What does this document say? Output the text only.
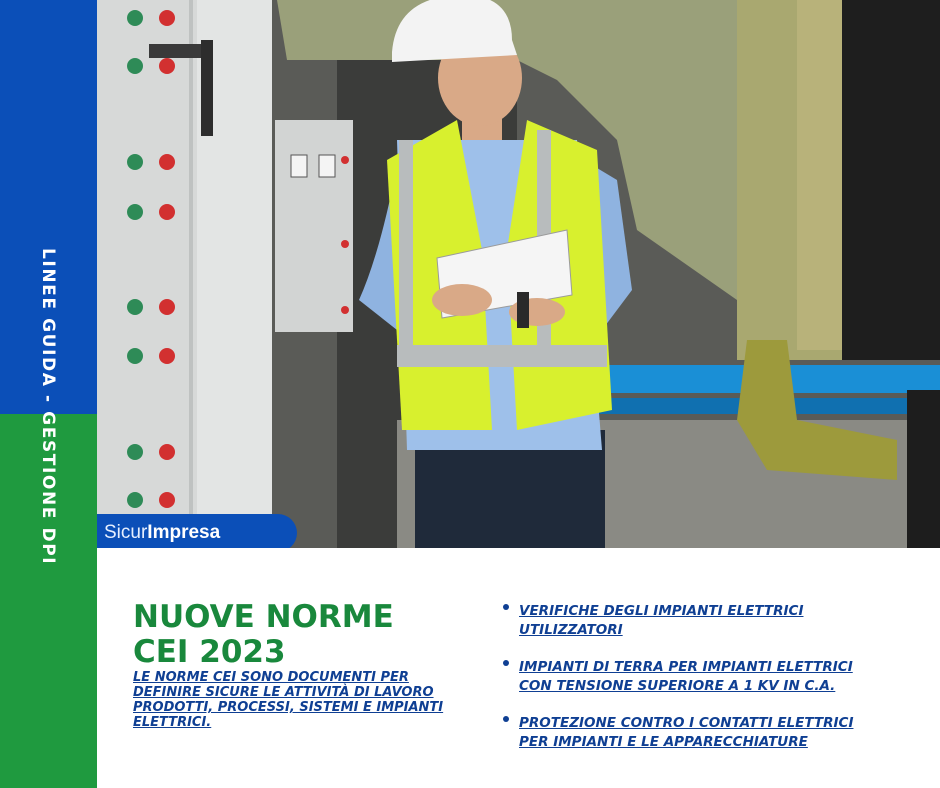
LINEE GUIDA - GESTIONE DPI Sicur Impresa
NUOVE NORME CEI 2023

LE NORME CEI SONO DOCUMENTI PER DEFINIRE SICURE LE ATTIVITÀ DI LAVORO PRODOTTI, PROCESSI, SISTEMI E IMPIANTI ELETTRICI.

VERIFICHE DEGLI IMPIANTI ELETTRICI UTILIZZATORI
IMPIANTI DI TERRA PER IMPIANTI ELETTRICI CON TENSIONE SUPERIORE A 1 KV IN C.A.
PROTEZIONE CONTRO I CONTATTI ELETTRICI PER IMPIANTI E LE APPARECCHIATURE
